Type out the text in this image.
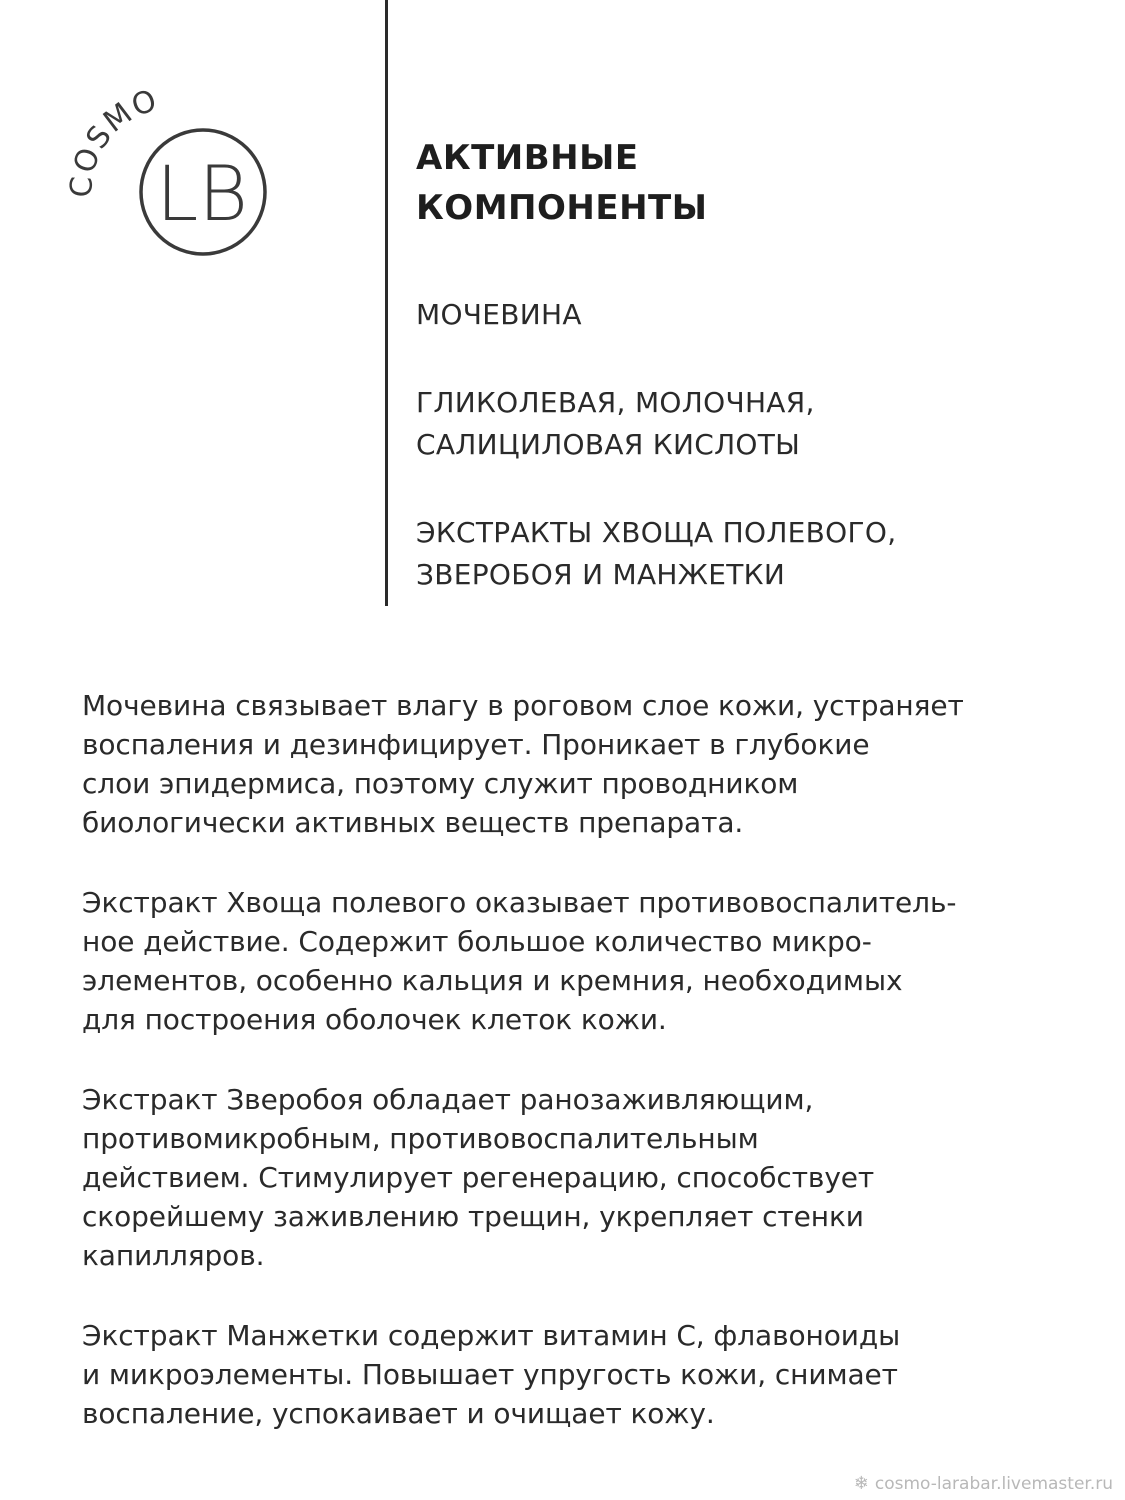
COSMO
LB	АКТИВНЫЕ
КОМПОНЕНТЫ
МОЧЕВИНА
ГЛИКОЛЕВАЯ, МОЛОЧНАЯ,
САЛИЦИЛОВАЯ КИСЛОТЫ
ЭКСТРАКТЫ ХВОЩА ПОЛЕВОГО,
ЗВЕРОБОЯ И МАНЖЕТКИ

Мочевина связывает влагу в роговом слое кожи, устраняет
воспаления и дезинфицирует. Проникает в глубокие
слои эпидермиса, поэтому служит проводником
биологически активных веществ препарата.

Экстракт Хвоща полевого оказывает противовоспалитель-
ное действие. Содержит большое количество микро-
элементов, особенно кальция и кремния, необходимых
для построения оболочек клеток кожи.

Экстракт Зверобоя обладает ранозаживляющим,
противомикробным, противовоспалительным
действием. Стимулирует регенерацию, способствует
скорейшему заживлению трещин, укрепляет стенки
капилляров.

Экстракт Манжетки содержит витамин С, флавоноиды
и микроэлементы. Повышает упругость кожи, снимает
воспаление, успокаивает и очищает кожу.

❄ cosmo-larabar.livemaster.ru
